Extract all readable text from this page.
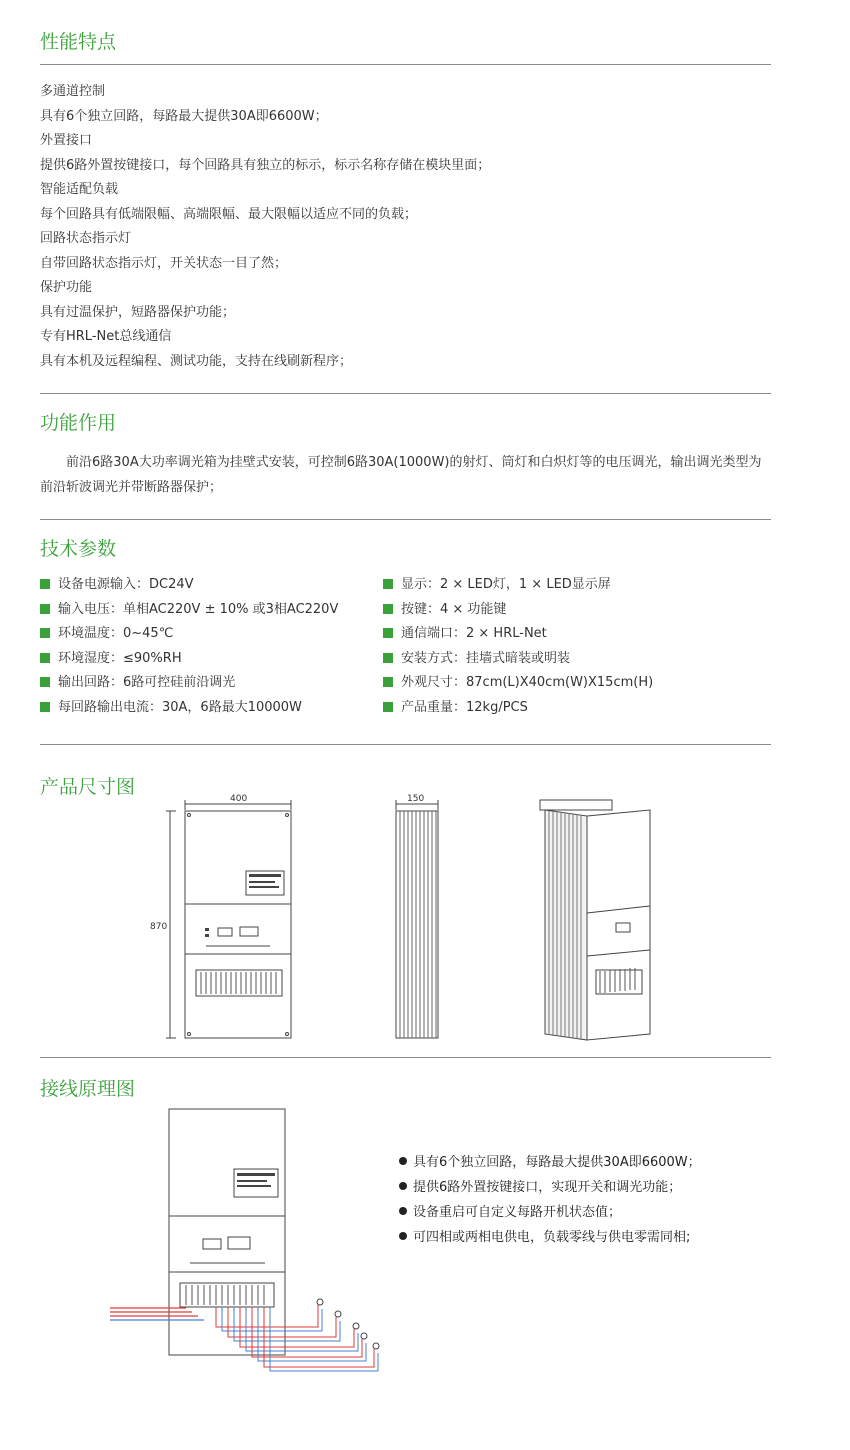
性能特点
多通道控制
具有6个独立回路，每路最大提供30A即6600W；
外置接口
提供6路外置按键接口，每个回路具有独立的标示，标示名称存储在模块里面；
智能适配负载
每个回路具有低端限幅、高端限幅、最大限幅以适应不同的负载；
回路状态指示灯
自带回路状态指示灯，开关状态一目了然；
保护功能
具有过温保护，短路器保护功能；
专有HRL-Net总线通信
具有本机及远程编程、测试功能，支持在线刷新程序；
功能作用

前沿6路30A大功率调光箱为挂壁式安装，可控制6路30A(1000W)的射灯、筒灯和白炽灯等的电压调光，输出调光类型为前沿斩波调光并带断路器保护；

技术参数
设备电源输入：DC24V
输入电压：单相AC220V ± 10% 或3相AC220V
环境温度：0~45℃
环境湿度：≤90%RH
输出回路：6路可控硅前沿调光
每回路输出电流：30A，6路最大10000W
显示：2 × LED灯，1 × LED显示屏
按键：4 × 功能键
通信端口：2 × HRL-Net
安装方式：挂墙式暗装或明装
外观尺寸：87cm(L)X40cm(W)X15cm(H)
产品重量：12kg/PCS
产品尺寸图
400
870
150
接线原理图
具有6个独立回路，每路最大提供30A即6600W；
提供6路外置按键接口，实现开关和调光功能；
设备重启可自定义每路开机状态值；
可四相或两相电供电，负载零线与供电零需同相;
